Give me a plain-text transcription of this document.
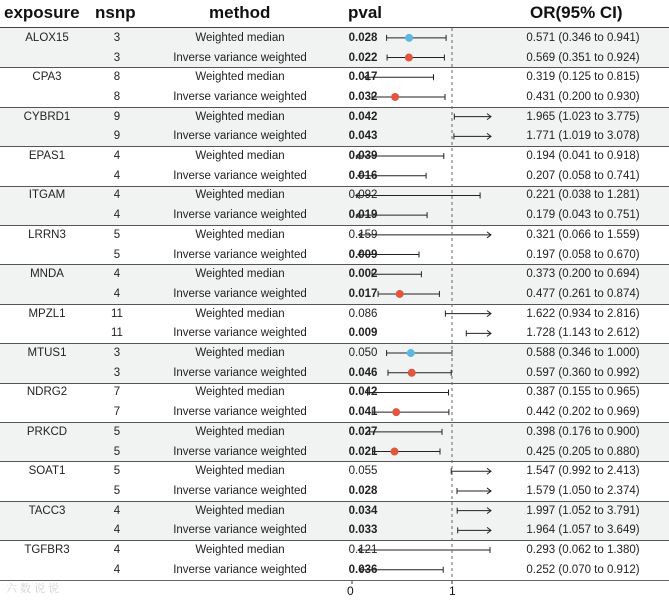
exposure nsnp	method	pval	OR(95% CI)
ALOX15	3	Weighted median	0.028	0.571 (0.346 to 0.941)
3	Inverse variance weighted	0.022	0.569 (0.351 to 0.924)
CPA3	8	Weighted median	0.017	0.319 (0.125 to 0.815)
8	Inverse variance weighted	0.032	0.431 (0.200 to 0.930)
CYBRD1	9	Weighted median	0.042	1.965 (1.023 to 3.775)
9	Inverse variance weighted	0.043	1.771 (1.019 to 3.078)
EPAS1	4	Weighted median	0.039	0.194 (0.041 to 0.918)
4	Inverse variance weighted	0.016	0.207 (0.058 to 0.741)
ITGAM	4	Weighted median	0.092	0.221 (0.038 to 1.281)
4	Inverse variance weighted	0.019	0.179 (0.043 to 0.751)
LRRN3	5	Weighted median	0.159	0.321 (0.066 to 1.559)
5	Inverse variance weighted	0.009	0.197 (0.058 to 0.670)
MNDA	4	Weighted median	0.002	0.373 (0.200 to 0.694)
4	Inverse variance weighted	0.017	0.477 (0.261 to 0.874)
MPZL1	11	Weighted median	0.086	1.622 (0.934 to 2.816)
11	Inverse variance weighted	0.009	1.728 (1.143 to 2.612)
MTUS1	3	Weighted median	0.050	0.588 (0.346 to 1.000)
3	Inverse variance weighted	0.046	0.597 (0.360 to 0.992)
NDRG2	7	Weighted median	0.042	0.387 (0.155 to 0.965)
7	Inverse variance weighted	0.041	0.442 (0.202 to 0.969)
PRKCD	5	Weighted median	0.027	0.398 (0.176 to 0.900)
5	Inverse variance weighted	0.021	0.425 (0.205 to 0.880)
SOAT1	5	Weighted median	0.055	1.547 (0.992 to 2.413)
5	Inverse variance weighted	0.028	1.579 (1.050 to 2.374)
TACC3	4	Weighted median	0.034	1.997 (1.052 to 3.791)
4	Inverse variance weighted	0.033	1.964 (1.057 to 3.649)
TGFBR3	4	Weighted median	0.121	0.293 (0.062 to 1.380)
4	Inverse variance weighted	0.036	0.252 (0.070 to 0.912)
0	1
六 数 说 说
